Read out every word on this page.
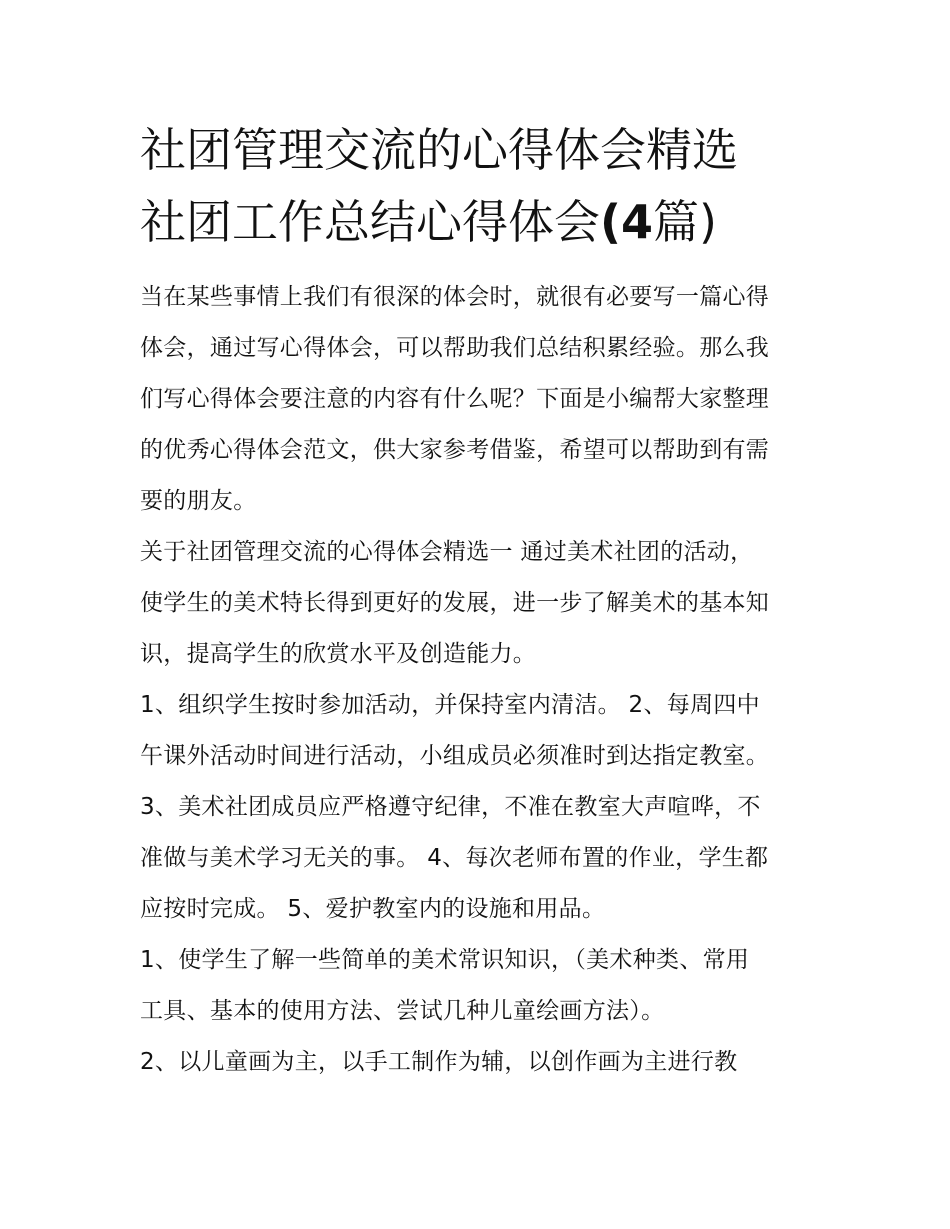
社团管理交流的心得体会精选
社团工作总结心得体会(4篇)

当在某些事情上我们有很深的体会时，就很有必要写一篇心得
体会，通过写心得体会，可以帮助我们总结积累经验。那么我
们写心得体会要注意的内容有什么呢？下面是小编帮大家整理
的优秀心得体会范文，供大家参考借鉴，希望可以帮助到有需
要的朋友。

关于社团管理交流的心得体会精选一 通过美术社团的活动，
使学生的美术特长得到更好的发展，进一步了解美术的基本知
识，提高学生的欣赏水平及创造能力。

1、组织学生按时参加活动，并保持室内清洁。 2、每周四中
午课外活动时间进行活动，小组成员必须准时到达指定教室。
3、美术社团成员应严格遵守纪律，不准在教室大声喧哗，不
准做与美术学习无关的事。 4、每次老师布置的作业，学生都
应按时完成。 5、爱护教室内的设施和用品。

1、使学生了解一些简单的美术常识知识，（美术种类、常用
工具、基本的使用方法、尝试几种儿童绘画方法）。

2、以儿童画为主，以手工制作为辅，以创作画为主进行教
